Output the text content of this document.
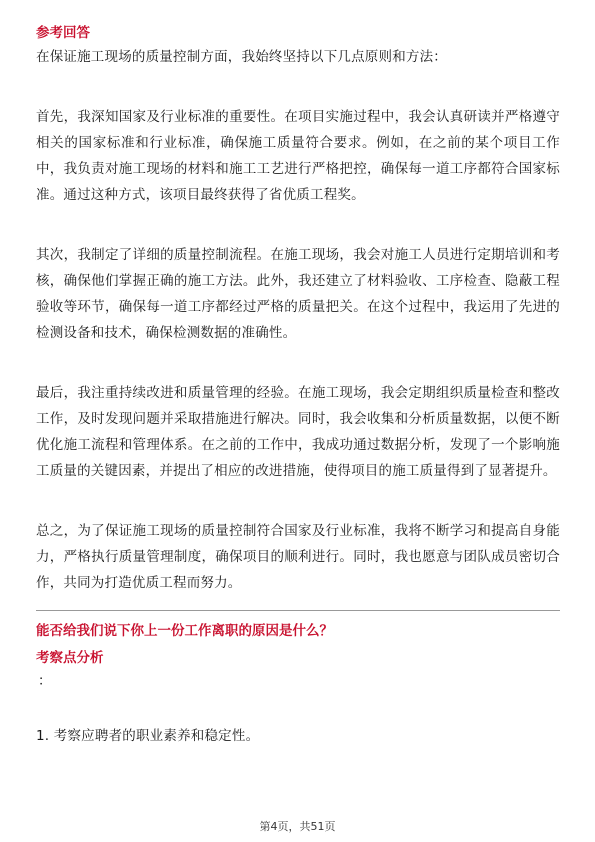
参考回答

在保证施工现场的质量控制方面，我始终坚持以下几点原则和方法：

首先，我深知国家及行业标准的重要性。在项目实施过程中，我会认真研读并严格遵守相关的国家标准和行业标准，确保施工质量符合要求。例如，在之前的某个项目工作中，我负责对施工现场的材料和施工工艺进行严格把控，确保每一道工序都符合国家标准。通过这种方式，该项目最终获得了省优质工程奖。

其次，我制定了详细的质量控制流程。在施工现场，我会对施工人员进行定期培训和考核，确保他们掌握正确的施工方法。此外，我还建立了材料验收、工序检查、隐蔽工程验收等环节，确保每一道工序都经过严格的质量把关。在这个过程中，我运用了先进的检测设备和技术，确保检测数据的准确性。

最后，我注重持续改进和质量管理的经验。在施工现场，我会定期组织质量检查和整改工作，及时发现问题并采取措施进行解决。同时，我会收集和分析质量数据，以便不断优化施工流程和管理体系。在之前的工作中，我成功通过数据分析，发现了一个影响施工质量的关键因素，并提出了相应的改进措施，使得项目的施工质量得到了显著提升。

总之，为了保证施工现场的质量控制符合国家及行业标准，我将不断学习和提高自身能力，严格执行质量管理制度，确保项目的顺利进行。同时，我也愿意与团队成员密切合作，共同为打造优质工程而努力。

能否给我们说下你上一份工作离职的原因是什么？

考察点分析

：

1. 考察应聘者的职业素养和稳定性。

第4页，共51页
